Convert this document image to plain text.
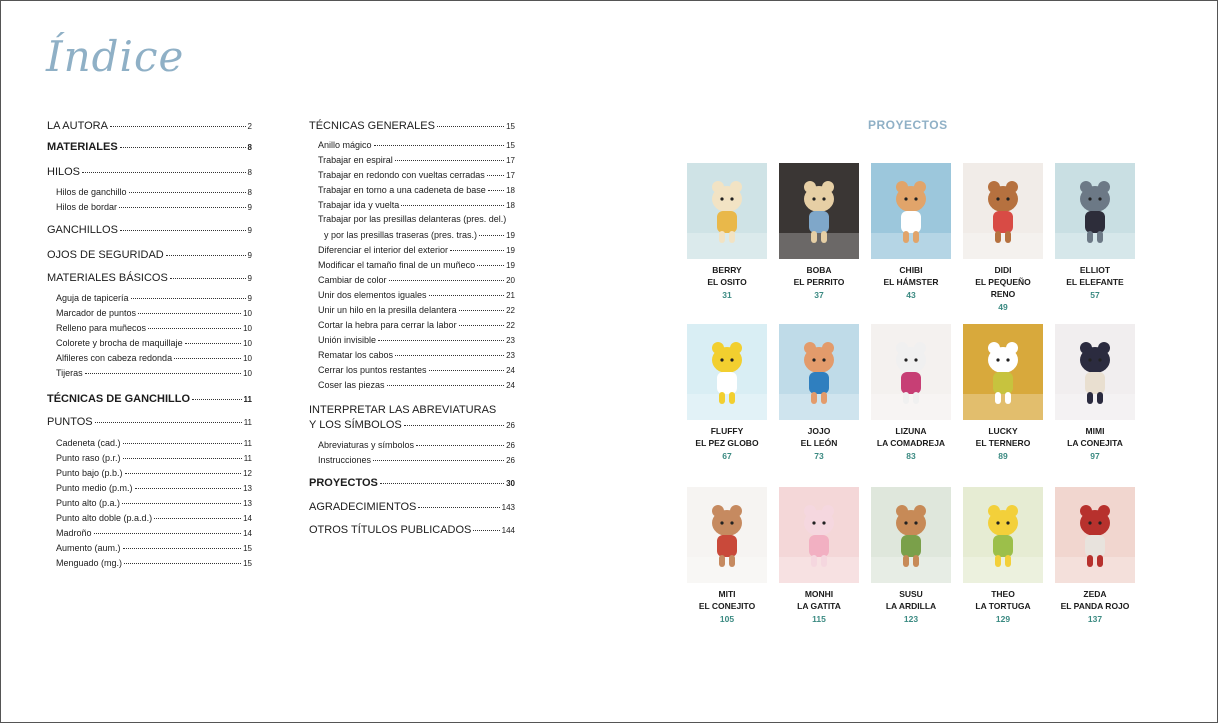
Índice
LA AUTORA	2
MATERIALES	8
HILOS	8
Hilos de ganchillo	8
Hilos de bordar	9
GANCHILLOS	9
OJOS DE SEGURIDAD	9
MATERIALES BÁSICOS	9
Aguja de tapicería	9
Marcador de puntos	10
Relleno para muñecos	10
Colorete y brocha de maquillaje	10
Alfileres con cabeza redonda	10
Tijeras	10
TÉCNICAS DE GANCHILLO	11
PUNTOS	11
Cadeneta (cad.)	11
Punto raso (p.r.)	11
Punto bajo (p.b.)	12
Punto medio (p.m.)	13
Punto alto (p.a.)	13
Punto alto doble (p.a.d.)	14
Madroño	14
Aumento (aum.)	15
Menguado (mg.)	15
TÉCNICAS GENERALES	15
Anillo mágico	15
Trabajar en espiral	17
Trabajar en redondo con vueltas cerradas	17
Trabajar en torno a una cadeneta de base	18
Trabajar ida y vuelta	18
Trabajar por las presillas delanteras (pres. del.)
y por las presillas traseras (pres. tras.)	19
Diferenciar el interior del exterior	19
Modificar el tamaño final de un muñeco	19
Cambiar de color	20
Unir dos elementos iguales	21
Unir un hilo en la presilla delantera	22
Cortar la hebra para cerrar la labor	22
Unión invisible	23
Rematar los cabos	23
Cerrar los puntos restantes	24
Coser las piezas	24
INTERPRETAR LAS ABREVIATURAS
Y LOS SÍMBOLOS	26
Abreviaturas y símbolos	26
Instrucciones	26
PROYECTOS	30
AGRADECIMIENTOS	143
OTROS TÍTULOS PUBLICADOS	144
PROYECTOS
BERRY
EL OSITO
31
BOBA
EL PERRITO
37
CHIBI
EL HÁMSTER
43
DIDI
EL PEQUEÑO RENO
49
ELLIOT
EL ELEFANTE
57
FLUFFY
EL PEZ GLOBO
67
JOJO
EL LEÓN
73
LIZUNA
LA COMADREJA
83
LUCKY
EL TERNERO
89
MIMI
LA CONEJITA
97
MITI
EL CONEJITO
105
MONHI
LA GATITA
115
SUSU
LA ARDILLA
123
THEO
LA TORTUGA
129
ZEDA
EL PANDA ROJO
137
